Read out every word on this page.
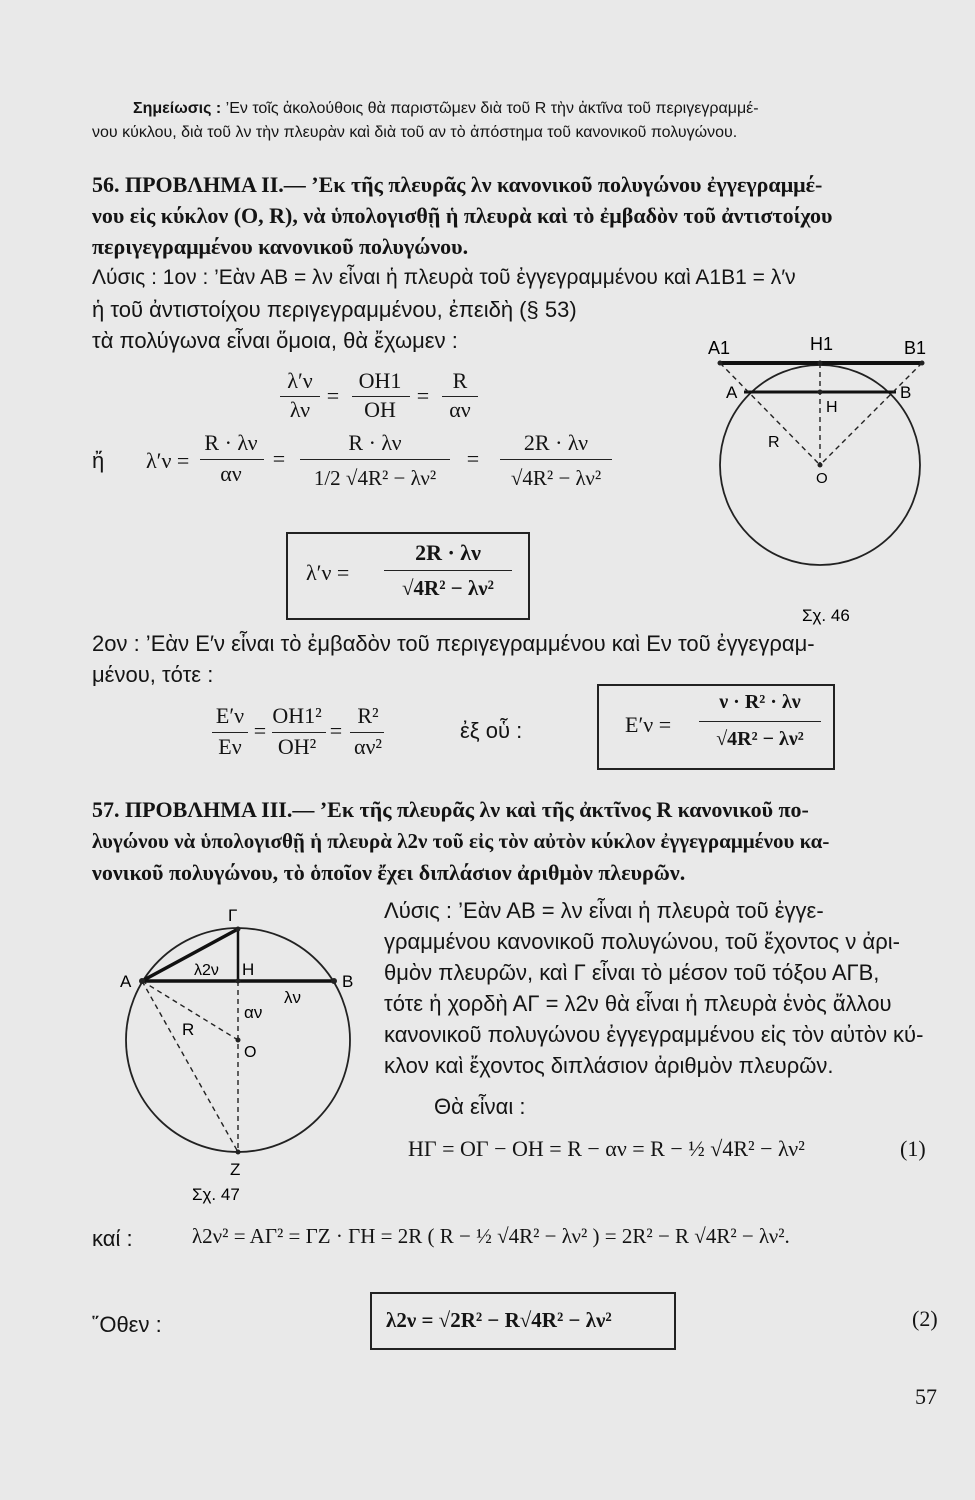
Σημείωσις : ’Εν τοῖς ἀκολούθοις θὰ παριστῶμεν διὰ τοῦ R τὴν ἀκτῖνα τοῦ περιγεγραμμέ-
νου κύκλου, διὰ τοῦ λν τὴν πλευρὰν καὶ διὰ τοῦ αν τὸ ἀπόστημα τοῦ κανονικοῦ πολυγώνου.
56. ΠΡΟΒΛΗΜΑ ΙΙ.— ’Εκ τῆς πλευρᾶς λν κανονικοῦ πολυγώνου ἐγγεγραμμέ-
νου εἰς κύκλον (Ο, R), νὰ ὑπολογισθῇ ἡ πλευρὰ καὶ τὸ ἐμβαδὸν τοῦ ἀντιστοίχου
περιγεγραμμένου κανονικοῦ πολυγώνου.
Λύσις : 1ον : ’Εὰν ΑΒ = λν εἶναι ἡ πλευρὰ τοῦ ἐγγεγραμμένου καὶ Α1Β1 = λ′ν
ἡ τοῦ ἀντιστοίχου περιγεγραμμένου, ἐπειδὴ (§ 53)
τὰ πολύγωνα εἶναι ὅμοια, θὰ ἔχωμεν :
λ′ν
λν
=
ΟΗ1
ΟΗ
=
R
αν
ἤ λ′ν =
R · λν
αν
=
R · λν
1/2 √4R² − λν²
=
2R · λν
√4R² − λν²
λ′ν =
2R · λν
√4R² − λν²
Α1	Η1	Β1
Α	Β
Η
R
Ο
Σχ. 46
2ον : ’Εὰν Ε′ν εἶναι τὸ ἐμβαδὸν τοῦ περιγεγραμμένου καὶ Εν τοῦ ἐγγεγραμ-
μένου, τότε :
Ε′ν
Εν
=
ΟΗ1²
ΟΗ²
=
R²
αν²
ἐξ οὗ :	Ε′ν =
ν · R² · λν
√4R² − λν²
57. ΠΡΟΒΛΗΜΑ ΙΙΙ.— ’Εκ τῆς πλευρᾶς λν καὶ τῆς ἀκτῖνος R κανονικοῦ πο-
λυγώνου νὰ ὑπολογισθῇ ἡ πλευρὰ λ2ν τοῦ εἰς τὸν αὐτὸν κύκλον ἐγγεγραμμένου κα-
νονικοῦ πολυγώνου, τὸ ὁποῖον ἔχει διπλάσιον ἀριθμὸν πλευρῶν.
Λύσις : ’Εὰν ΑΒ = λν εἶναι ἡ πλευρὰ τοῦ ἐγγε-
γραμμένου κανονικοῦ πολυγώνου, τοῦ ἔχοντος ν ἀρι-
θμὸν πλευρῶν, καὶ Γ εἶναι τὸ μέσον τοῦ τόξου ΑΓΒ,
τότε ἡ χορδὴ ΑΓ = λ2ν θὰ εἶναι ἡ πλευρὰ ἑνὸς ἄλλου
κανονικοῦ πολυγώνου ἐγγεγραμμένου εἰς τὸν αὐτὸν κύ-
κλον καὶ ἔχοντος διπλάσιον ἀριθμὸν πλευρῶν.
Θὰ εἶναι :
Γ
Α
λ2ν Η
Β
λν
αν
R
Ο
Ζ
Σχ. 47
ΗΓ = ΟΓ − ΟΗ = R − αν = R − ½ √4R² − λν²	(1)
καί :	λ2ν² = ΑΓ² = ΓΖ · ΓΗ = 2R ( R − ½ √4R² − λν² ) = 2R² − R √4R² − λν².
῞Οθεν :	λ2ν = √2R² − R√4R² − λν²	(2)
57
